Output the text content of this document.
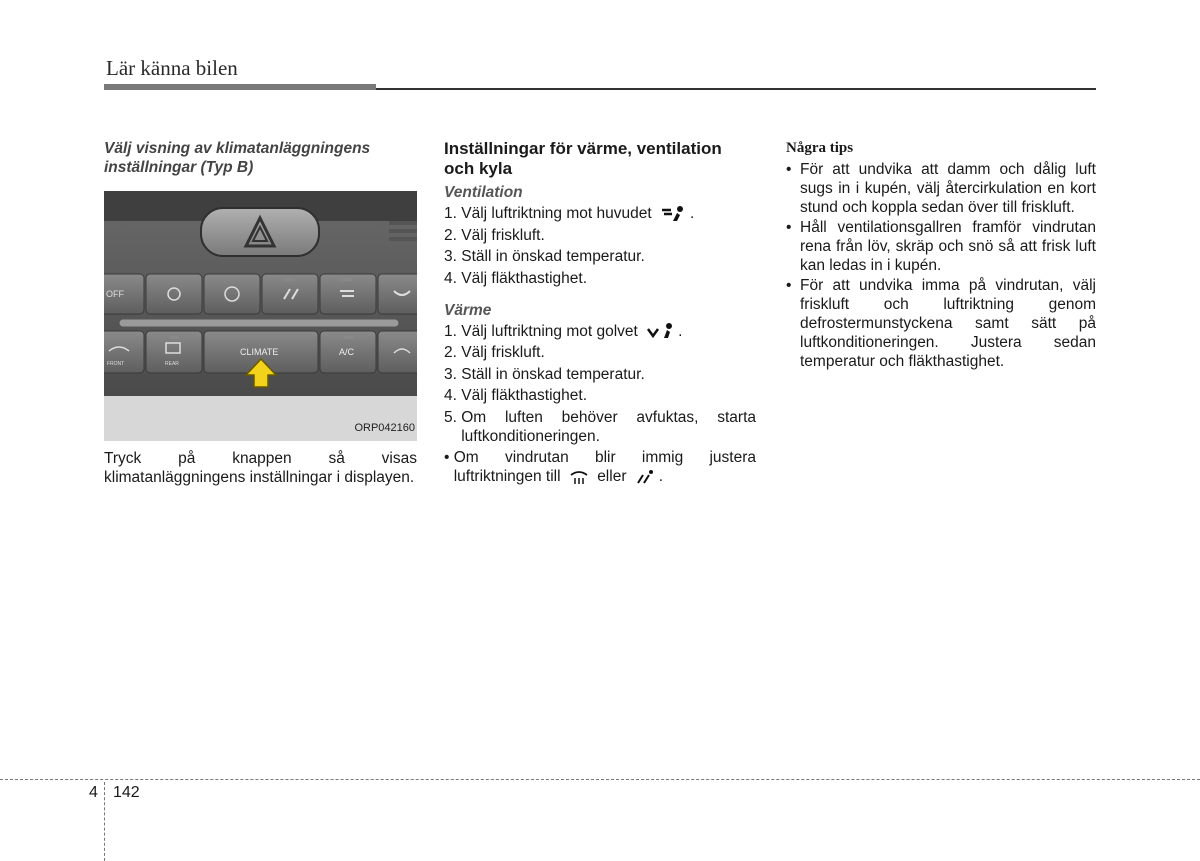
Lär känna bilen

Välj visning av klimatanläggningens inställningar (Typ B)

OFF
FRONT	REAR
CLIMATE	A/C
ORP042160

Tryck på knappen så visas klimatanläggningens inställningar i displayen.

Inställningar för värme, ventilation och kyla

Ventilation

1. Välj luftriktning mot huvudet .
2. Välj friskluft.
3. Ställ in önskad temperatur.
4. Välj fläkthastighet.

Värme

1. Välj luftriktning mot golvet	.
2. Välj friskluft.
3. Ställ in önskad temperatur.
4. Välj fläkthastighet.
5. Om luften behöver avfuktas, starta luftkonditioneringen.
• Om vindrutan blir immig justera luftriktningen till eller .

Några tips

• För att undvika att damm och dålig luft sugs in i kupén, välj återcirkulation en kort stund och koppla sedan över till friskluft.
• Håll ventilationsgallren framför vindrutan rena från löv, skräp och snö så att frisk luft kan ledas in i kupén.
• För att undvika imma på vindrutan, välj friskluft och luftriktning genom defrostermunstyckena samt sätt på luftkonditioneringen. Justera sedan temperatur och fläkthastighet.
4 142
